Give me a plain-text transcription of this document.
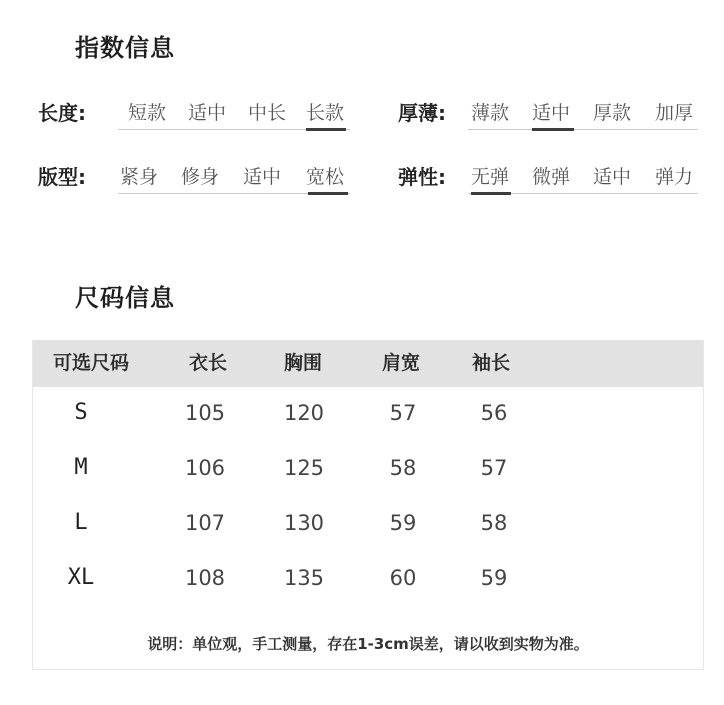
指数信息
长度: 短款 适中 中长 长款	厚薄: 薄款 适中 厚款 加厚
版型: 紧身 修身 适中 宽松	弹性: 无弹 微弹 适中 弹力
尺码信息
可选尺码	衣长	胸围	肩宽	袖长
S	105	120	57	56
M	106	125	58	57
L	107	130	59	58
XL	108	135	60	59
说明：单位观，手工测量，存在1-3cm误差，请以收到实物为准。
